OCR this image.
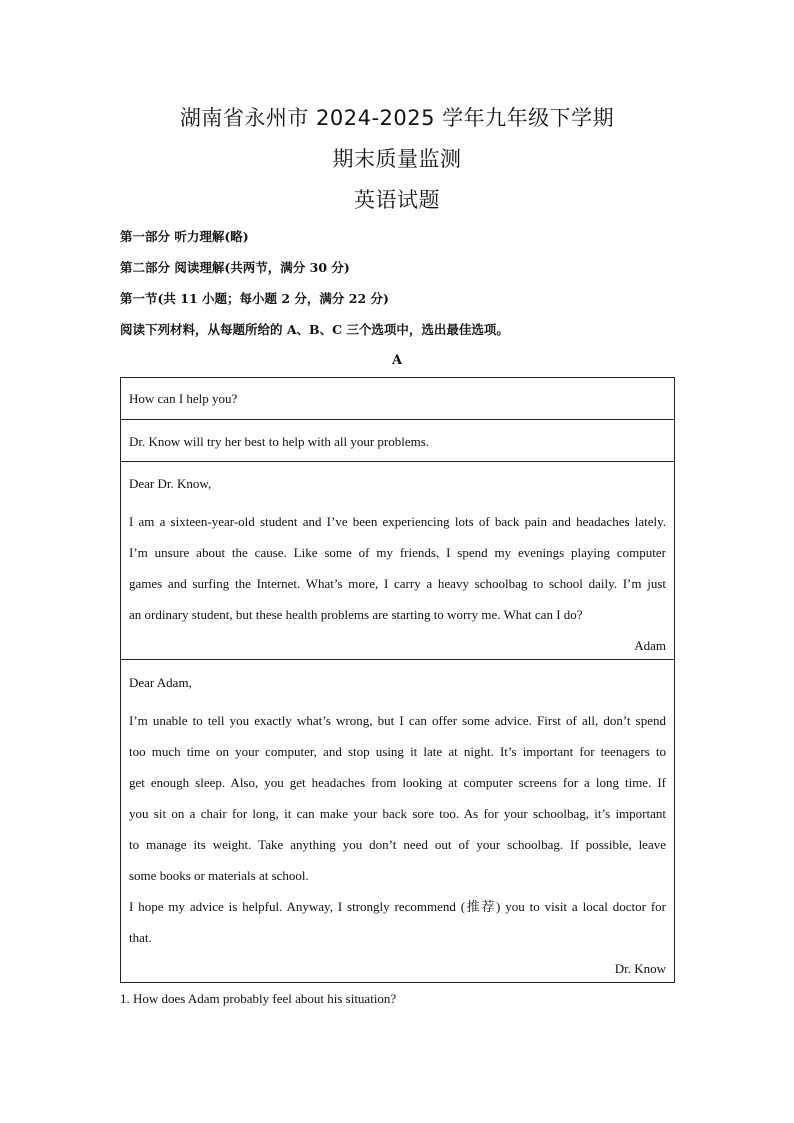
湖南省永州市 2024-2025 学年九年级下学期
期末质量监测
英语试题
第一部分 听力理解(略)
第二部分 阅读理解(共两节，满分 30 分)
第一节(共 11 小题；每小题 2 分，满分 22 分)
阅读下列材料，从每题所给的 A、B、C 三个选项中，选出最佳选项。
A
How can I help you?
Dr. Know will try her best to help with all your problems.
Dear Dr. Know,
I am a sixteen-year-old student and I’ve been experiencing lots of back pain and headaches lately.
I’m unsure about the cause. Like some of my friends, I spend my evenings playing computer
games and surfing the Internet. What’s more, I carry a heavy schoolbag to school daily. I’m just
an ordinary student, but these health problems are starting to worry me. What can I do?
Adam
Dear Adam,
I’m unable to tell you exactly what’s wrong, but I can offer some advice. First of all, don’t spend
too much time on your computer, and stop using it late at night. It’s important for teenagers to
get enough sleep. Also, you get headaches from looking at computer screens for a long time. If
you sit on a chair for long, it can make your back sore too. As for your schoolbag, it’s important
to manage its weight. Take anything you don’t need out of your schoolbag. If possible, leave
some books or materials at school.
I hope my advice is helpful. Anyway, I strongly recommend (推荐) you to visit a local doctor for
that.
Dr. Know
1. How does Adam probably feel about his situation?
